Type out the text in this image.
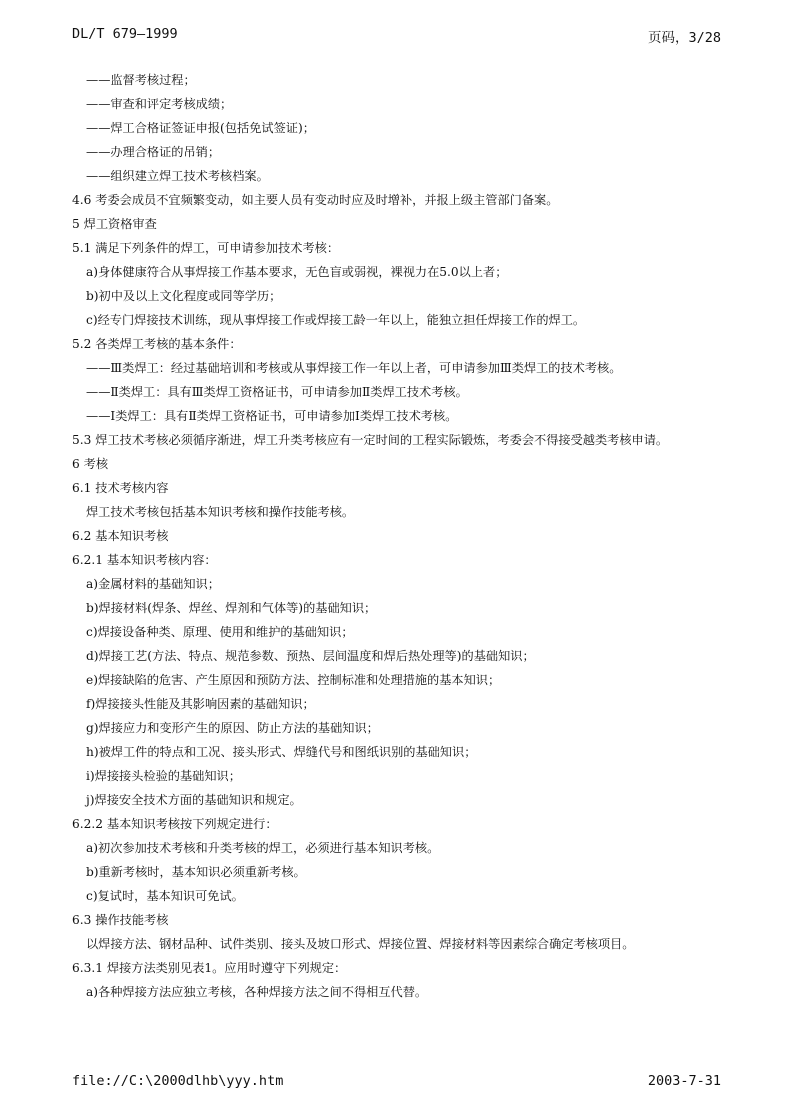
DL/T 679—1999	页码，3/28
——监督考核过程；
——审查和评定考核成绩；
——焊工合格证签证申报(包括免试签证)；
——办理合格证的吊销；
——组织建立焊工技术考核档案。
4.6 考委会成员不宜频繁变动，如主要人员有变动时应及时增补，并报上级主管部门备案。
5 焊工资格审查
5.1 满足下列条件的焊工，可申请参加技术考核：
a)身体健康符合从事焊接工作基本要求，无色盲或弱视，裸视力在5.0以上者；
b)初中及以上文化程度或同等学历；
c)经专门焊接技术训练，现从事焊接工作或焊接工龄一年以上，能独立担任焊接工作的焊工。
5.2 各类焊工考核的基本条件：
——Ⅲ类焊工：经过基础培训和考核或从事焊接工作一年以上者，可申请参加Ⅲ类焊工的技术考核。
——Ⅱ类焊工：具有Ⅲ类焊工资格证书，可申请参加Ⅱ类焊工技术考核。
——Ⅰ类焊工：具有Ⅱ类焊工资格证书，可申请参加Ⅰ类焊工技术考核。
5.3 焊工技术考核必须循序渐进，焊工升类考核应有一定时间的工程实际锻炼，考委会不得接受越类考核申请。
6 考核
6.1 技术考核内容
焊工技术考核包括基本知识考核和操作技能考核。
6.2 基本知识考核
6.2.1 基本知识考核内容：
a)金属材料的基础知识；
b)焊接材料(焊条、焊丝、焊剂和气体等)的基础知识；
c)焊接设备种类、原理、使用和维护的基础知识；
d)焊接工艺(方法、特点、规范参数、预热、层间温度和焊后热处理等)的基础知识；
e)焊接缺陷的危害、产生原因和预防方法、控制标准和处理措施的基本知识；
f)焊接接头性能及其影响因素的基础知识；
g)焊接应力和变形产生的原因、防止方法的基础知识；
h)被焊工件的特点和工况、接头形式、焊缝代号和图纸识别的基础知识；
i)焊接接头检验的基础知识；
j)焊接安全技术方面的基础知识和规定。
6.2.2 基本知识考核按下列规定进行：
a)初次参加技术考核和升类考核的焊工，必须进行基本知识考核。
b)重新考核时，基本知识必须重新考核。
c)复试时，基本知识可免试。
6.3 操作技能考核
以焊接方法、钢材品种、试件类别、接头及坡口形式、焊接位置、焊接材料等因素综合确定考核项目。
6.3.1 焊接方法类别见表1。应用时遵守下列规定：
a)各种焊接方法应独立考核，各种焊接方法之间不得相互代替。
file://C:\2000dlhb\yyy.htm	2003-7-31
